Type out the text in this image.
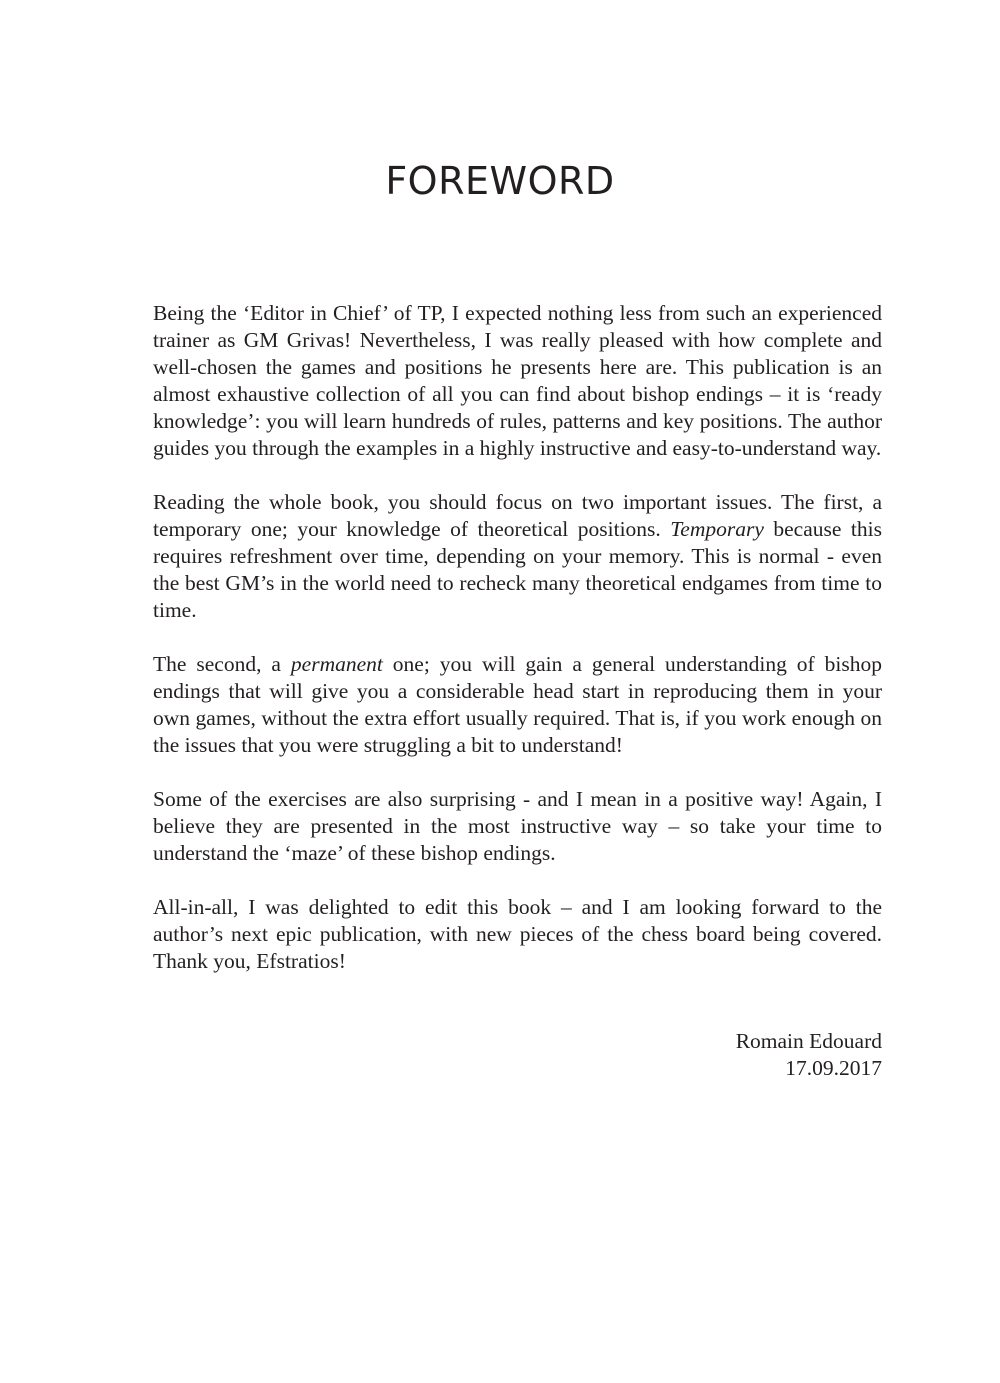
FOREWORD

Being the ‘Editor in Chief’ of TP, I expected nothing less from such an experienced trainer as GM Grivas! Nevertheless, I was really pleased with how complete and well-chosen the games and positions he presents here are. This publication is an almost exhaustive collection of all you can find about bishop endings – it is ‘ready knowledge’: you will learn hundreds of rules, patterns and key positions. The author guides you through the examples in a highly instructive and easy-to-understand way.

Reading the whole book, you should focus on two important issues. The first, a temporary one; your knowledge of theoretical positions. Temporary because this requires refreshment over time, depending on your memory. This is normal - even the best GM’s in the world need to recheck many theoretical endgames from time to time.

The second, a permanent one; you will gain a general understanding of bishop endings that will give you a considerable head start in reproducing them in your own games, without the extra effort usually required. That is, if you work enough on the issues that you were struggling a bit to understand!

Some of the exercises are also surprising - and I mean in a positive way! Again, I believe they are presented in the most instructive way – so take your time to understand the ‘maze’ of these bishop endings.

All-in-all, I was delighted to edit this book – and I am looking forward to the author’s next epic publication, with new pieces of the chess board being covered. Thank you, Efstratios!

Romain Edouard
17.09.2017
